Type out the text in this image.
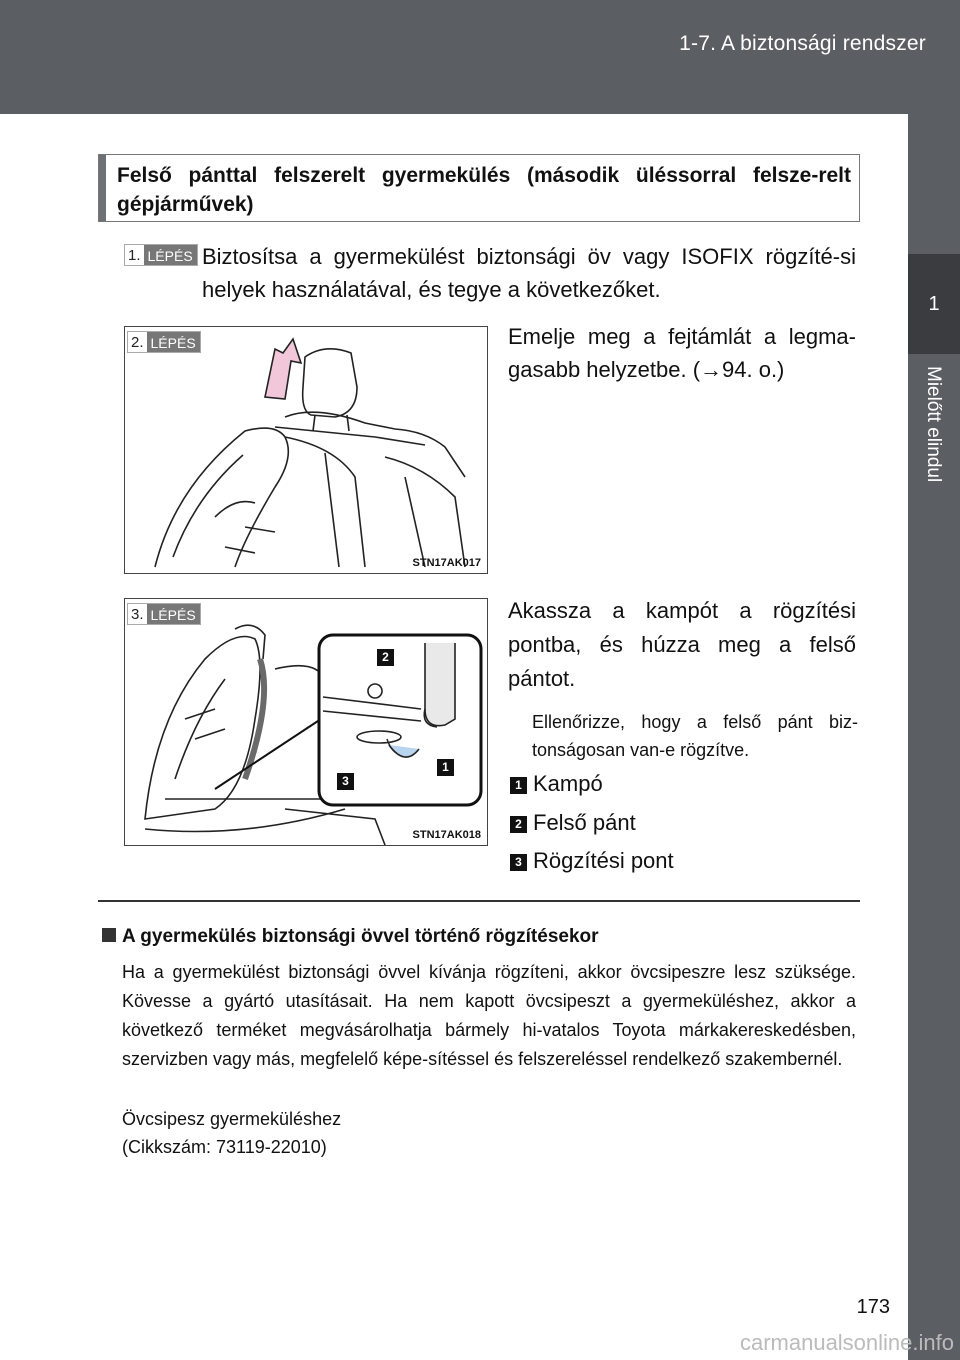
1-7. A biztonsági rendszer
1
Mielőtt elindul
Felső pánttal felszerelt gyermekülés (második üléssorral felsze-relt gépjárművek)
1. LÉPÉS Biztosítsa a gyermekülést biztonsági öv vagy ISOFIX rögzíté-si helyek használatával, és tegye a következőket.
2. LÉPÉS
STN17AK017
Emelje meg a fejtámlát a legma-gasabb helyzetbe. (→94. o.)
3. LÉPÉS
STN17AK018
2
3
1
Akassza a kampót a rögzítési pontba, és húzza meg a felső pántot.
Ellenőrizze, hogy a felső pánt biz-tonságosan van-e rögzítve.
1 Kampó
2 Felső pánt
3 Rögzítési pont
A gyermekülés biztonsági övvel történő rögzítésekor
Ha a gyermekülést biztonsági övvel kívánja rögzíteni, akkor övcsipeszre lesz szüksége. Kövesse a gyártó utasításait. Ha nem kapott övcsipeszt a gyermeküléshez, akkor a következő terméket megvásárolhatja bármely hi-vatalos Toyota márkakereskedésben, szervizben vagy más, megfelelő képe-sítéssel és felszereléssel rendelkező szakembernél.
Övcsipesz gyermeküléshez
(Cikkszám: 73119-22010)
173
carmanualsonline.info
